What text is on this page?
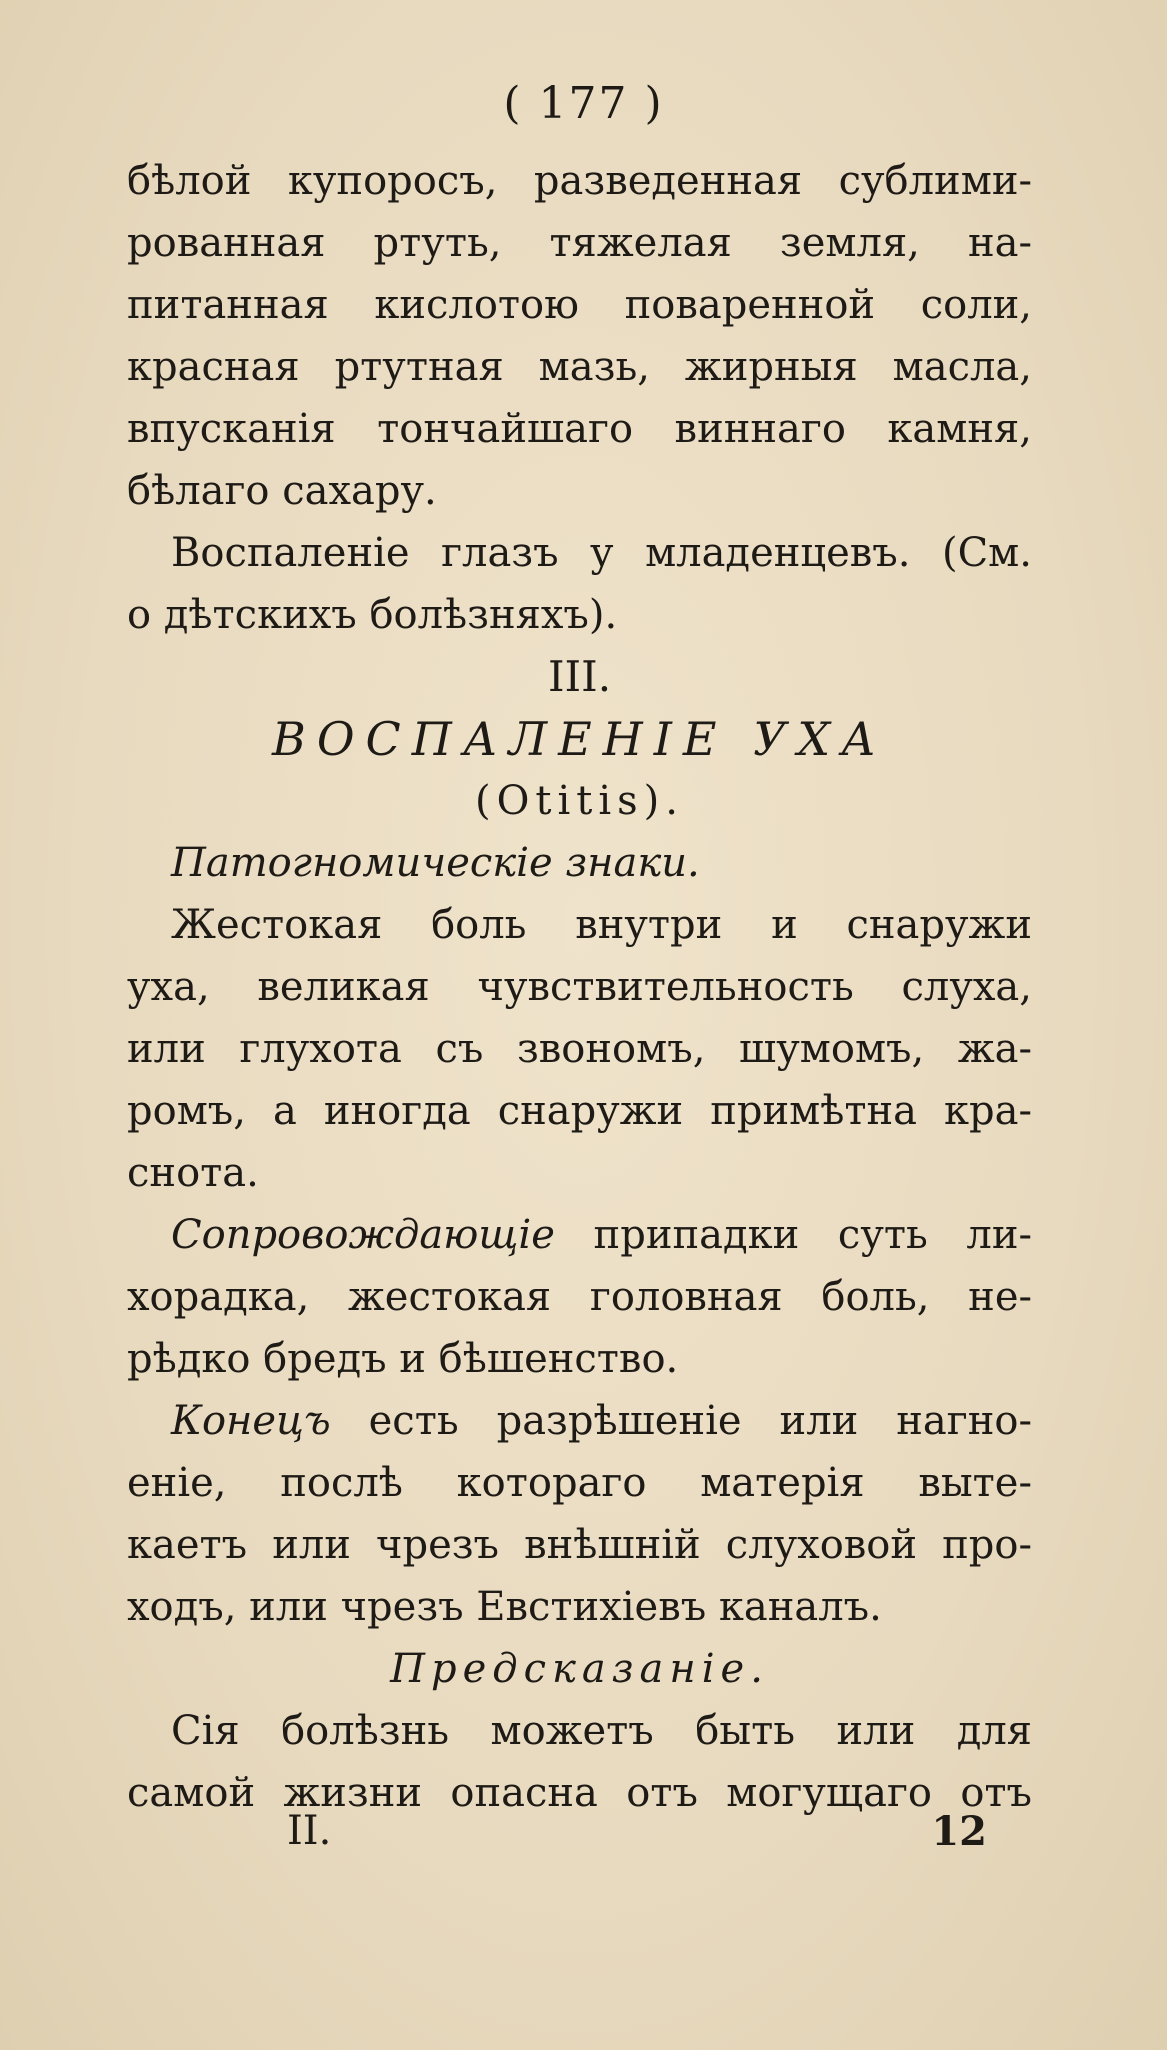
( 177 )
бѣлой купоросъ, разведенная сублими-
рованная ртуть, тяжелая земля, на-
питанная кислотою поваренной соли,
красная ртутная мазь, жирныя масла,
впусканія тончайшаго виннаго камня,
бѣлаго сахару.
Воспаленіе глазъ у младенцевъ. (См.
о дѣтскихъ болѣзняхъ).
III.
ВОСПАЛЕНІЕ УХА
(Otitis).
Патогномическіе знаки.
Жестокая боль внутри и снаружи
уха, великая чувствительность слуха,
или глухота съ звономъ, шумомъ, жа-
ромъ, а иногда снаружи примѣтна кра-
снота.
Сопровождающіе припадки суть ли-
хорадка, жестокая головная боль, не-
рѣдко бредъ и бѣшенство.
Конецъ есть разрѣшеніе или нагно-
еніе, послѣ котораго матерія выте-
каетъ или чрезъ внѣшній слуховой про-
ходъ, или чрезъ Евстихіевъ каналъ.
Предсказаніе.
Сія болѣзнь можетъ быть или для
самой жизни опасна отъ могущаго отъ
II.	12
